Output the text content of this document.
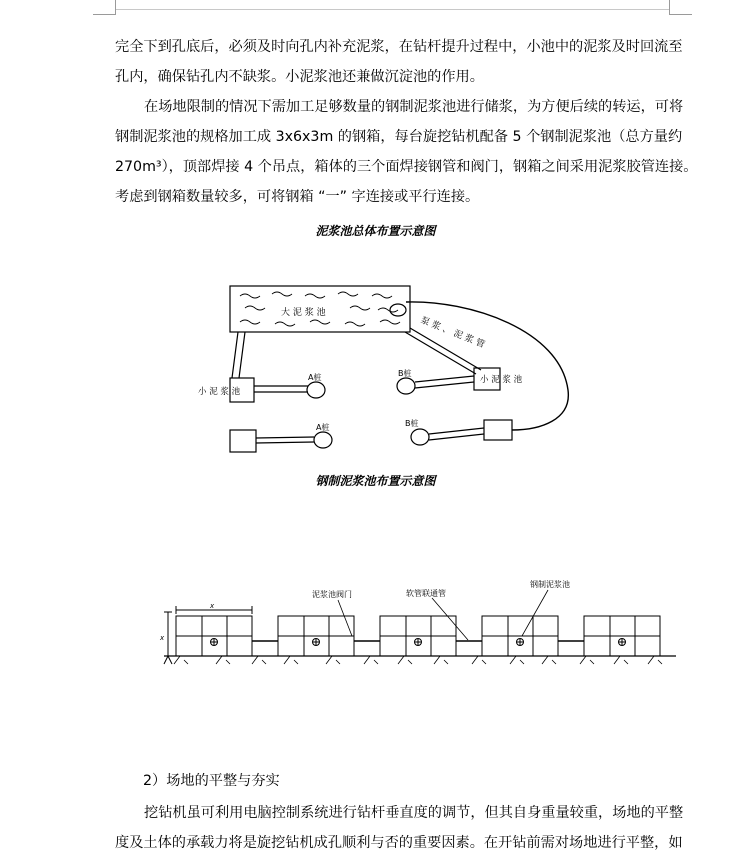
完全下到孔底后，必须及时向孔内补充泥浆，在钻杆提升过程中，小池中的泥浆及时回流至

孔内，确保钻孔内不缺浆。小泥浆池还兼做沉淀池的作用。

在场地限制的情况下需加工足够数量的钢制泥浆池进行储浆，为方便后续的转运，可将

钢制泥浆池的规格加工成 3x6x3m 的钢箱，每台旋挖钻机配备 5 个钢制泥浆池（总方量约

270m³），顶部焊接 4 个吊点，箱体的三个面焊接钢管和阀门，钢箱之间采用泥浆胶管连接。

考虑到钢箱数量较多，可将钢箱 “一” 字连接或平行连接。

泥浆池总体布置示意图

大 泥 浆 池
泵 浆 、 泥 浆 管
小 泥 浆 池
小 泥 浆 池
A桩	B桩
A桩	B桩

钢制泥浆池布置示意图

x
x
泥浆池阀门	软管联通管
钢制泥浆池

2）场地的平整与夯实

挖钻机虽可利用电脑控制系统进行钻杆垂直度的调节，但其自身重量较重，场地的平整

度及土体的承载力将是旋挖钻机成孔顺利与否的重要因素。在开钻前需对场地进行平整，如
